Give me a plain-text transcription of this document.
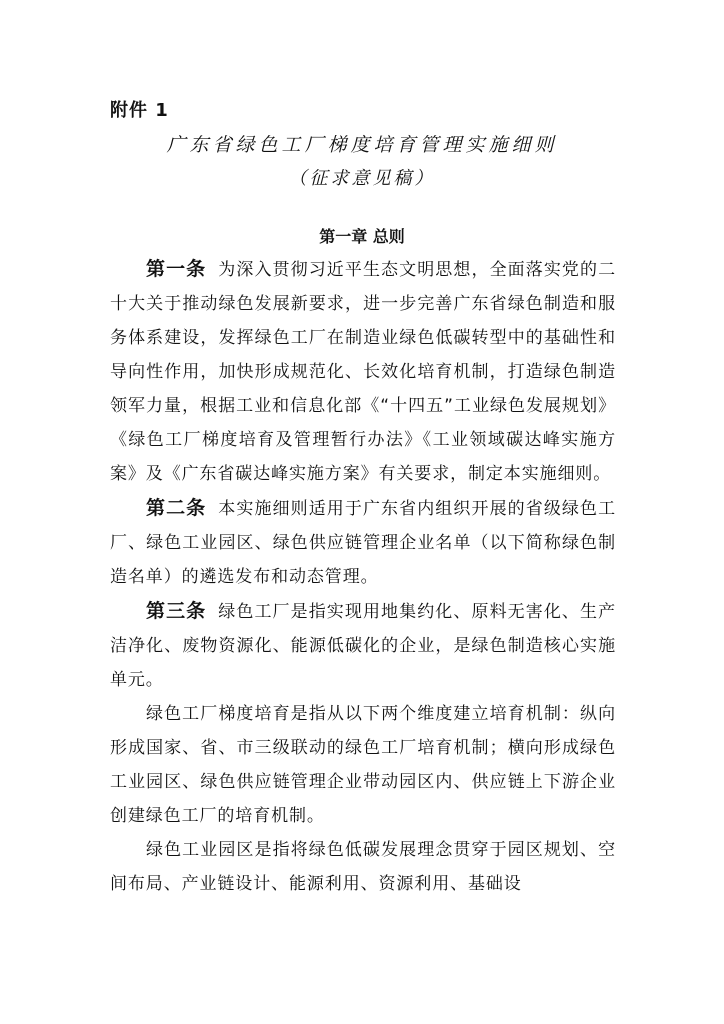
附件 1

广东省绿色工厂梯度培育管理实施细则

（征求意见稿）

第一章 总则

第一条 为深入贯彻习近平生态文明思想，全面落实党的二十大关于推动绿色发展新要求，进一步完善广东省绿色制造和服务体系建设，发挥绿色工厂在制造业绿色低碳转型中的基础性和导向性作用，加快形成规范化、长效化培育机制，打造绿色制造领军力量，根据工业和信息化部《“十四五”工业绿色发展规划》《绿色工厂梯度培育及管理暂行办法》《工业领域碳达峰实施方案》及《广东省碳达峰实施方案》有关要求，制定本实施细则。

第二条 本实施细则适用于广东省内组织开展的省级绿色工厂、绿色工业园区、绿色供应链管理企业名单（以下简称绿色制造名单）的遴选发布和动态管理。

第三条 绿色工厂是指实现用地集约化、原料无害化、生产洁净化、废物资源化、能源低碳化的企业，是绿色制造核心实施单元。

绿色工厂梯度培育是指从以下两个维度建立培育机制：纵向形成国家、省、市三级联动的绿色工厂培育机制；横向形成绿色工业园区、绿色供应链管理企业带动园区内、供应链上下游企业创建绿色工厂的培育机制。

绿色工业园区是指将绿色低碳发展理念贯穿于园区规划、空间布局、产业链设计、能源利用、资源利用、基础设
